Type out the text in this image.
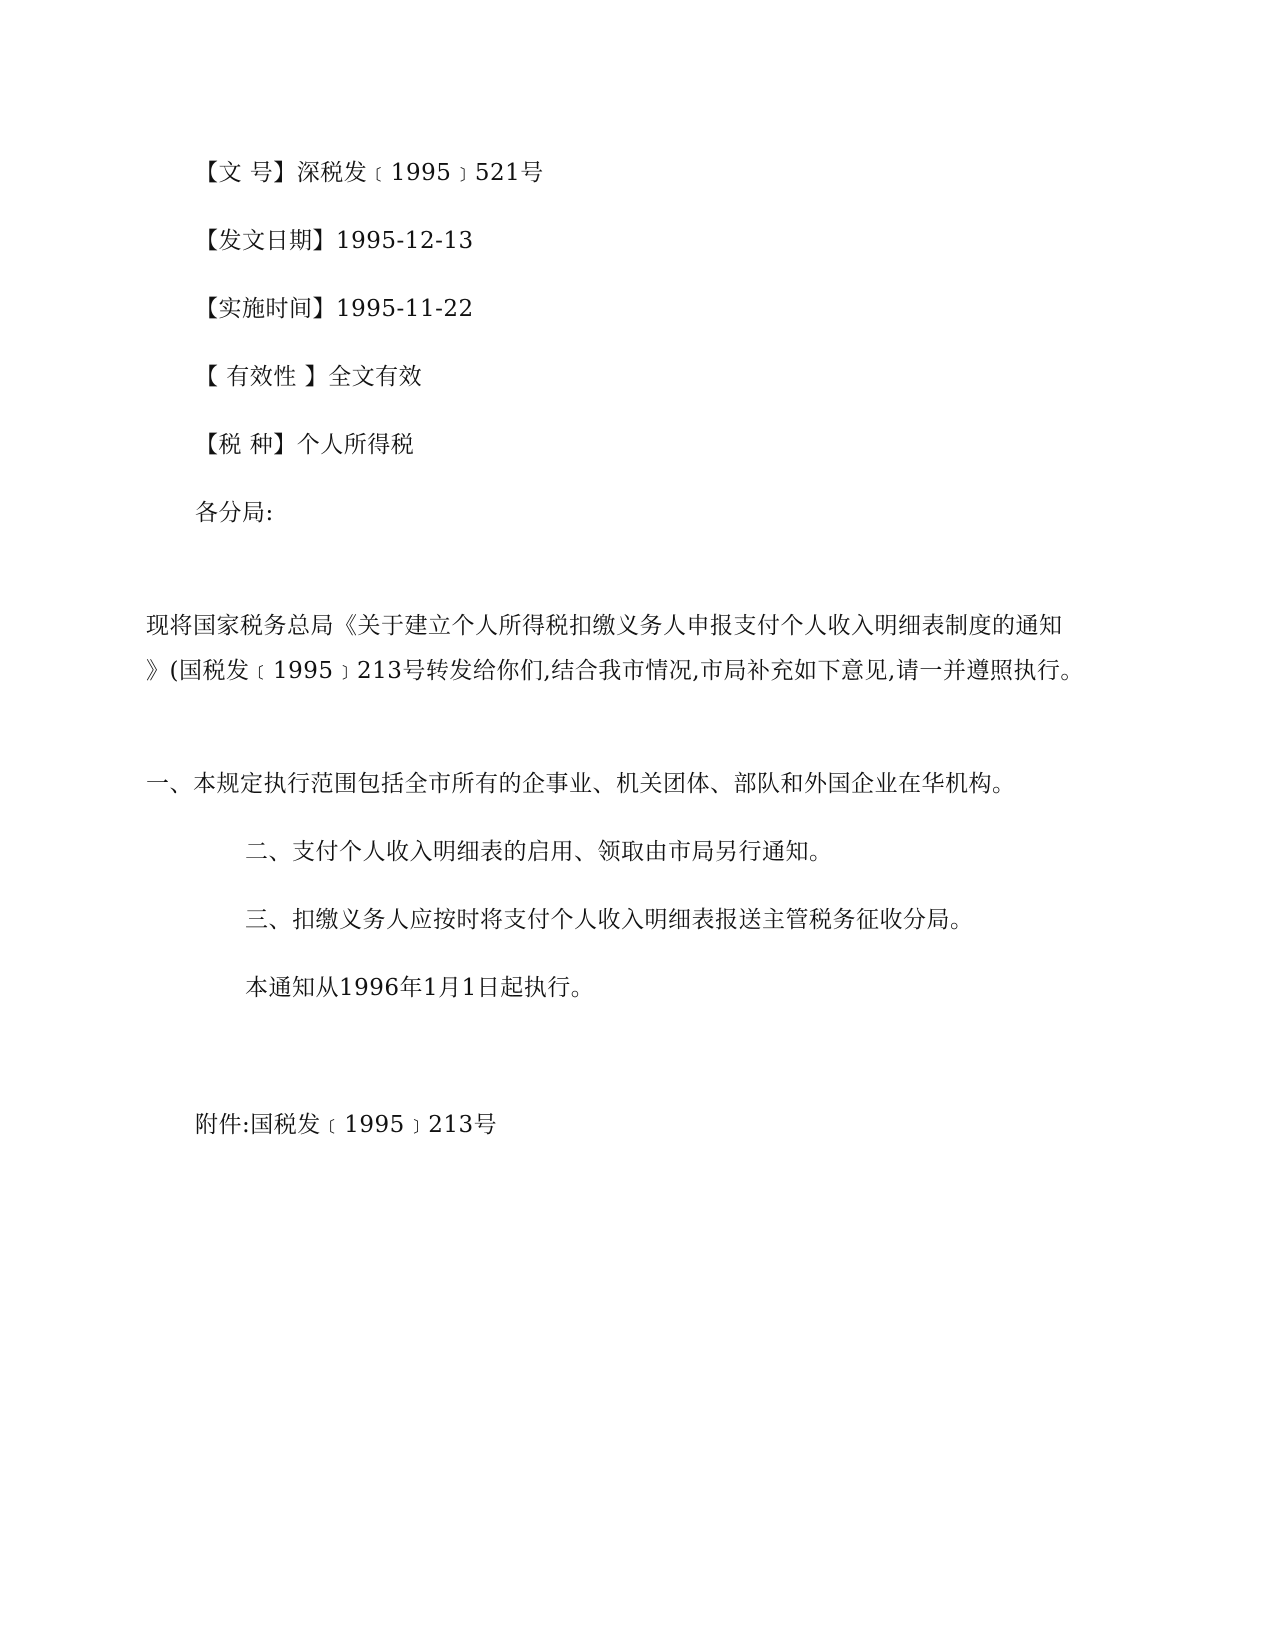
【文 号】深税发﹝1995﹞521号
【发文日期】1995-12-13
【实施时间】1995-11-22
【 有效性 】全文有效
【税 种】个人所得税
各分局:
现将国家税务总局《关于建立个人所得税扣缴义务人申报支付个人收入明细表制度的通知
》(国税发﹝1995﹞213号转发给你们,结合我市情况,市局补充如下意见,请一并遵照执行。
一、本规定执行范围包括全市所有的企事业、机关团体、部队和外国企业在华机构。
二、支付个人收入明细表的启用、领取由市局另行通知。
三、扣缴义务人应按时将支付个人收入明细表报送主管税务征收分局。
本通知从1996年1月1日起执行。
附件:国税发﹝1995﹞213号
